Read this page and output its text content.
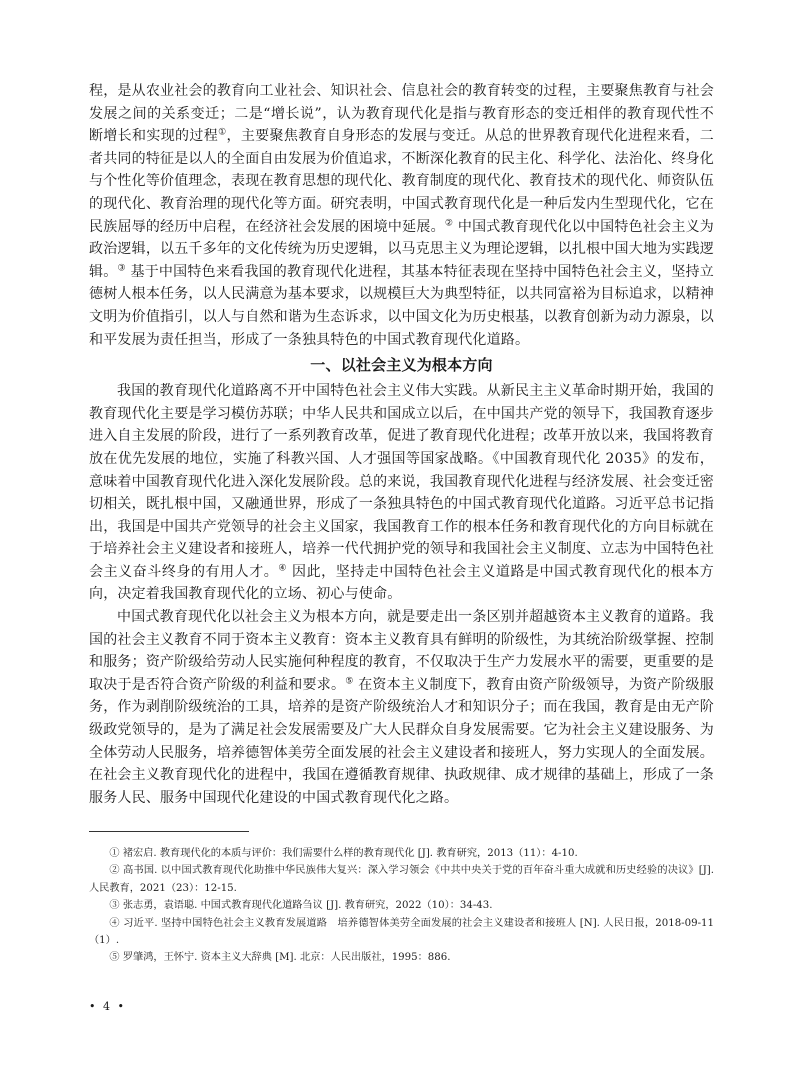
程，是从农业社会的教育向工业社会、知识社会、信息社会的教育转变的过程，主要聚焦教育与社会发展之间的关系变迁；二是“增长说”，认为教育现代化是指与教育形态的变迁相伴的教育现代性不断增长和实现的过程①，主要聚焦教育自身形态的发展与变迁。从总的世界教育现代化进程来看，二者共同的特征是以人的全面自由发展为价值追求，不断深化教育的民主化、科学化、法治化、终身化与个性化等价值理念，表现在教育思想的现代化、教育制度的现代化、教育技术的现代化、师资队伍的现代化、教育治理的现代化等方面。研究表明，中国式教育现代化是一种后发内生型现代化，它在民族屈辱的经历中启程，在经济社会发展的困境中延展。② 中国式教育现代化以中国特色社会主义为政治逻辑，以五千多年的文化传统为历史逻辑，以马克思主义为理论逻辑，以扎根中国大地为实践逻辑。③ 基于中国特色来看我国的教育现代化进程，其基本特征表现在坚持中国特色社会主义，坚持立德树人根本任务，以人民满意为基本要求，以规模巨大为典型特征，以共同富裕为目标追求，以精神文明为价值指引，以人与自然和谐为生态诉求，以中国文化为历史根基，以教育创新为动力源泉，以和平发展为责任担当，形成了一条独具特色的中国式教育现代化道路。

一、以社会主义为根本方向

我国的教育现代化道路离不开中国特色社会主义伟大实践。从新民主主义革命时期开始，我国的教育现代化主要是学习模仿苏联；中华人民共和国成立以后，在中国共产党的领导下，我国教育逐步进入自主发展的阶段，进行了一系列教育改革，促进了教育现代化进程；改革开放以来，我国将教育放在优先发展的地位，实施了科教兴国、人才强国等国家战略。《中国教育现代化 2035》的发布，意味着中国教育现代化进入深化发展阶段。总的来说，我国教育现代化进程与经济发展、社会变迁密切相关，既扎根中国，又融通世界，形成了一条独具特色的中国式教育现代化道路。习近平总书记指出，我国是中国共产党领导的社会主义国家，我国教育工作的根本任务和教育现代化的方向目标就在于培养社会主义建设者和接班人，培养一代代拥护党的领导和我国社会主义制度、立志为中国特色社会主义奋斗终身的有用人才。④ 因此，坚持走中国特色社会主义道路是中国式教育现代化的根本方向，决定着我国教育现代化的立场、初心与使命。

中国式教育现代化以社会主义为根本方向，就是要走出一条区别并超越资本主义教育的道路。我国的社会主义教育不同于资本主义教育：资本主义教育具有鲜明的阶级性，为其统治阶级掌握、控制和服务；资产阶级给劳动人民实施何种程度的教育，不仅取决于生产力发展水平的需要，更重要的是取决于是否符合资产阶级的利益和要求。⑤ 在资本主义制度下，教育由资产阶级领导，为资产阶级服务，作为剥削阶级统治的工具，培养的是资产阶级统治人才和知识分子；而在我国，教育是由无产阶级政党领导的，是为了满足社会发展需要及广大人民群众自身发展需要。它为社会主义建设服务、为全体劳动人民服务，培养德智体美劳全面发展的社会主义建设者和接班人，努力实现人的全面发展。在社会主义教育现代化的进程中，我国在遵循教育规律、执政规律、成才规律的基础上，形成了一条服务人民、服务中国现代化建设的中国式教育现代化之路。

① 褚宏启. 教育现代化的本质与评价：我们需要什么样的教育现代化 [J]. 教育研究，2013（11）：4-10.

② 高书国. 以中国式教育现代化助推中华民族伟大复兴：深入学习领会《中共中央关于党的百年奋斗重大成就和历史经验的决议》[J]. 人民教育，2021（23）：12-15.

③ 张志勇，袁语聪. 中国式教育现代化道路刍议 [J]. 教育研究，2022（10）：34-43.

④ 习近平. 坚持中国特色社会主义教育发展道路　培养德智体美劳全面发展的社会主义建设者和接班人 [N]. 人民日报，2018-09-11（1）.

⑤ 罗肇鸿，王怀宁. 资本主义大辞典 [M]. 北京：人民出版社，1995：886.

• 4 •
